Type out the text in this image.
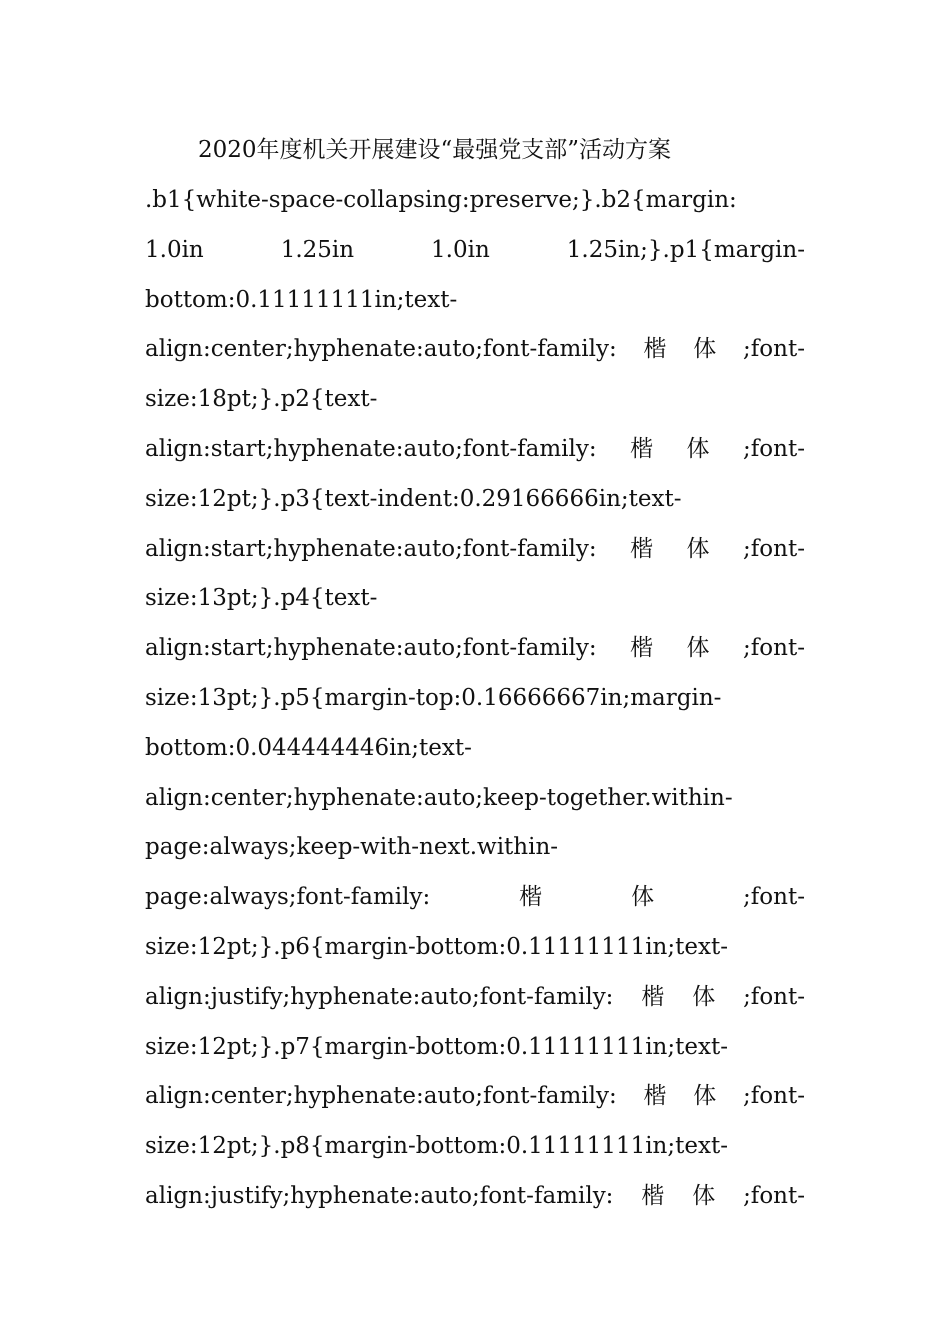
2020年度机关开展建设“最强党支部”活动方案
.b1{white-space-collapsing:preserve;}.b2{margin:
1.0in	1.25in	1.0in	1.25in;}.p1{margin-
bottom:0.11111111in;text-
align:center;hyphenate:auto;font-family: 楷 体 ;font-
size:18pt;}.p2{text-
align:start;hyphenate:auto;font-family: 楷 体 ;font-
size:12pt;}.p3{text-indent:0.29166666in;text-
align:start;hyphenate:auto;font-family: 楷 体 ;font-
size:13pt;}.p4{text-
align:start;hyphenate:auto;font-family: 楷 体 ;font-
size:13pt;}.p5{margin-top:0.16666667in;margin-
bottom:0.044444446in;text-
align:center;hyphenate:auto;keep-together.within-
page:always;keep-with-next.within-
page:always;font-family:	楷	体	;font-
size:12pt;}.p6{margin-bottom:0.11111111in;text-
align:justify;hyphenate:auto;font-family: 楷 体 ;font-
size:12pt;}.p7{margin-bottom:0.11111111in;text-
align:center;hyphenate:auto;font-family: 楷 体 ;font-
size:12pt;}.p8{margin-bottom:0.11111111in;text-
align:justify;hyphenate:auto;font-family: 楷 体 ;font-
